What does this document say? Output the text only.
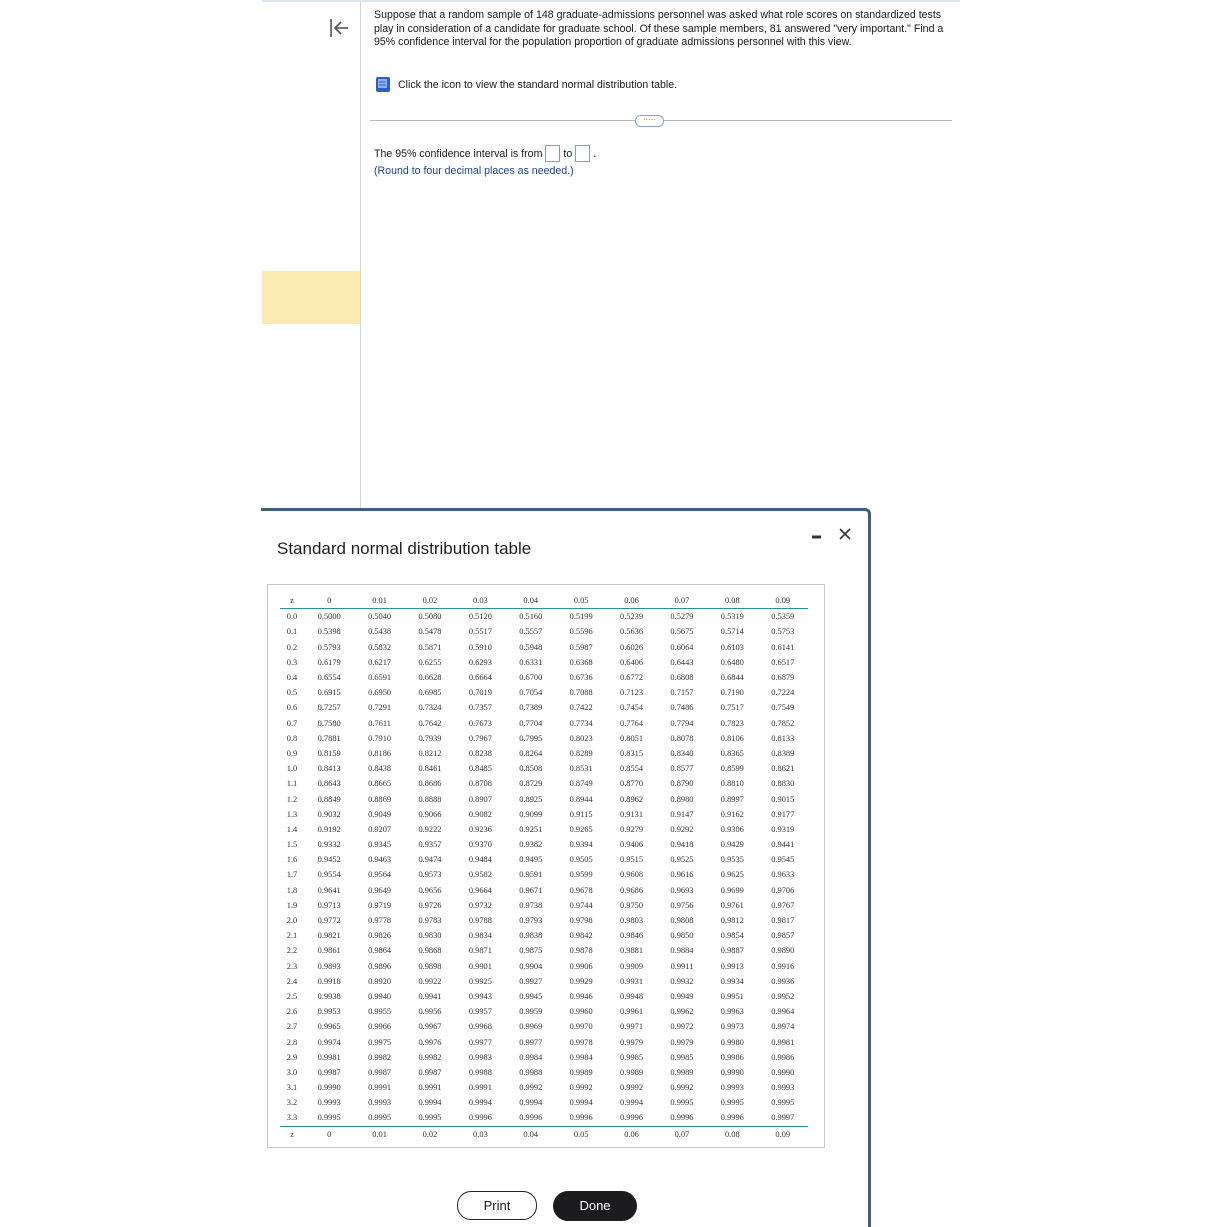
Suppose that a random sample of 148 graduate-admissions personnel was asked what role scores on standardized tests play in consideration of a candidate for graduate school. Of these sample members, 81 answered "very important." Find a 95% confidence interval for the population proportion of graduate admissions personnel with this view.
Click the icon to view the standard normal distribution table.
·····
The 95% confidence interval is from to .
(Round to four decimal places as needed.)
Standard normal distribution table
z	0	0.01	0.02	0.03	0.04	0.05	0.06	0.07	0.08	0.09
0.0	0.5000	0.5040	0.5080	0.5120	0.5160	0.5199	0.5239	0.5279	0.5319	0.5359
0.1	0.5398	0.5438	0.5478	0.5517	0.5557	0.5596	0.5636	0.5675	0.5714	0.5753
0.2	0.5793	0.5832	0.5871	0.5910	0.5948	0.5987	0.6026	0.6064	0.6103	0.6141
0.3	0.6179	0.6217	0.6255	0.6293	0.6331	0.6368	0.6406	0.6443	0.6480	0.6517
0.4	0.6554	0.6591	0.6628	0.6664	0.6700	0.6736	0.6772	0.6808	0.6844	0.6879
0.5	0.6915	0.6950	0.6985	0.7019	0.7054	0.7088	0.7123	0.7157	0.7190	0.7224
0.6	0.7257	0.7291	0.7324	0.7357	0.7389	0.7422	0.7454	0.7486	0.7517	0.7549
0.7	0.7580	0.7611	0.7642	0.7673	0.7704	0.7734	0.7764	0.7794	0.7823	0.7852
0.8	0.7881	0.7910	0.7939	0.7967	0.7995	0.8023	0.8051	0.8078	0.8106	0.8133
0.9	0.8159	0.8186	0.8212	0.8238	0.8264	0.8289	0.8315	0.8340	0.8365	0.8389
1.0	0.8413	0.8438	0.8461	0.8485	0.8508	0.8531	0.8554	0.8577	0.8599	0.8621
1.1	0.8643	0.8665	0.8686	0.8708	0.8729	0.8749	0.8770	0.8790	0.8810	0.8830
1.2	0.8849	0.8869	0.8888	0.8907	0.8925	0.8944	0.8962	0.8980	0.8997	0.9015
1.3	0.9032	0.9049	0.9066	0.9082	0.9099	0.9115	0.9131	0.9147	0.9162	0.9177
1.4	0.9192	0.9207	0.9222	0.9236	0.9251	0.9265	0.9279	0.9292	0.9306	0.9319
1.5	0.9332	0.9345	0.9357	0.9370	0.9382	0.9394	0.9406	0.9418	0.9429	0.9441
1.6	0.9452	0.9463	0.9474	0.9484	0.9495	0.9505	0.9515	0.9525	0.9535	0.9545
1.7	0.9554	0.9564	0.9573	0.9582	0.9591	0.9599	0.9608	0.9616	0.9625	0.9633
1.8	0.9641	0.9649	0.9656	0.9664	0.9671	0.9678	0.9686	0.9693	0.9699	0.9706
1.9	0.9713	0.9719	0.9726	0.9732	0.9738	0.9744	0.9750	0.9756	0.9761	0.9767
2.0	0.9772	0.9778	0.9783	0.9788	0.9793	0.9798	0.9803	0.9808	0.9812	0.9817
2.1	0.9821	0.9826	0.9830	0.9834	0.9838	0.9842	0.9846	0.9850	0.9854	0.9857
2.2	0.9861	0.9864	0.9868	0.9871	0.9875	0.9878	0.9881	0.9884	0.9887	0.9890
2.3	0.9893	0.9896	0.9898	0.9901	0.9904	0.9906	0.9909	0.9911	0.9913	0.9916
2.4	0.9918	0.9920	0.9922	0.9925	0.9927	0.9929	0.9931	0.9932	0.9934	0.9936
2.5	0.9938	0.9940	0.9941	0.9943	0.9945	0.9946	0.9948	0.9949	0.9951	0.9952
2.6	0.9953	0.9955	0.9956	0.9957	0.9959	0.9960	0.9961	0.9962	0.9963	0.9964
2.7	0.9965	0.9966	0.9967	0.9968	0.9969	0.9970	0.9971	0.9972	0.9973	0.9974
2.8	0.9974	0.9975	0.9976	0.9977	0.9977	0.9978	0.9979	0.9979	0.9980	0.9981
2.9	0.9981	0.9982	0.9982	0.9983	0.9984	0.9984	0.9985	0.9985	0.9986	0.9986
3.0	0.9987	0.9987	0.9987	0.9988	0.9988	0.9989	0.9989	0.9989	0.9990	0.9990
3.1	0.9990	0.9991	0.9991	0.9991	0.9992	0.9992	0.9992	0.9992	0.9993	0.9993
3.2	0.9993	0.9993	0.9994	0.9994	0.9994	0.9994	0.9994	0.9995	0.9995	0.9995
3.3	0.9995	0.9995	0.9995	0.9996	0.9996	0.9996	0.9996	0.9996	0.9996	0.9997
z	0	0.01	0.02	0.03	0.04	0.05	0.06	0.07	0.08	0.09
Print	Done
